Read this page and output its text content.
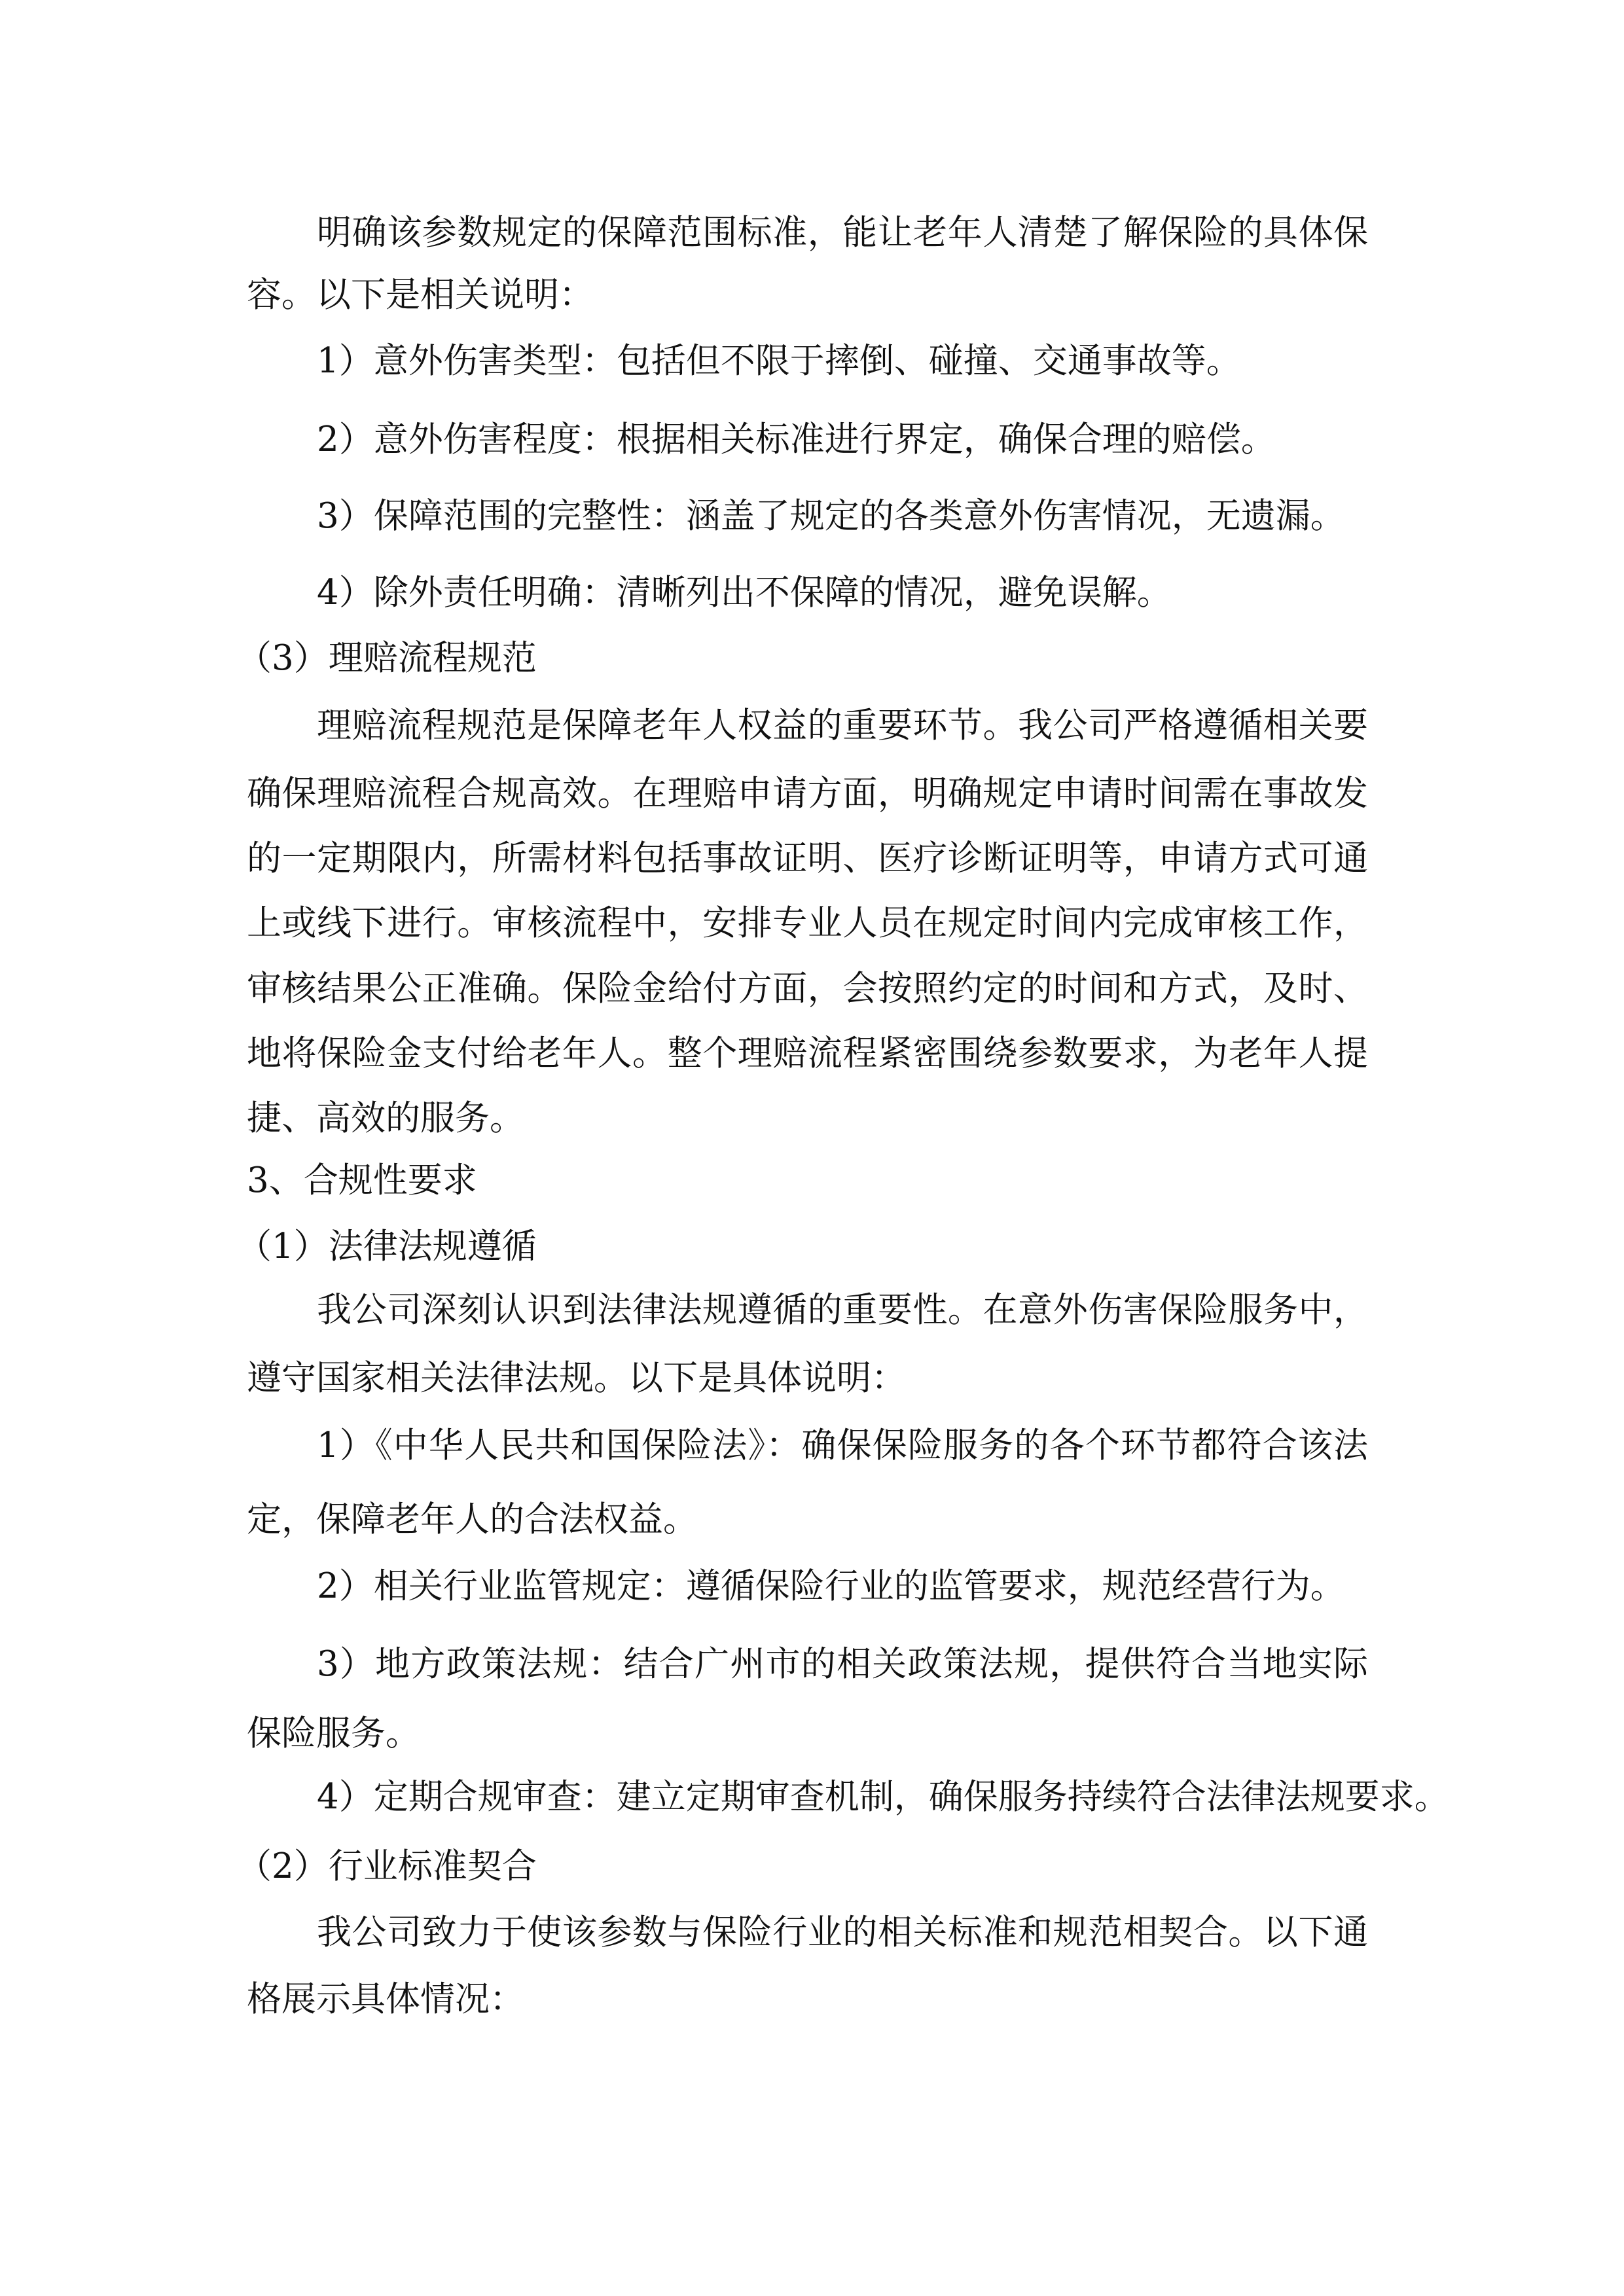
明确该参数规定的保障范围标准，能让老年人清楚了解保险的具体保
容。以下是相关说明：
1）意外伤害类型：包括但不限于摔倒、碰撞、交通事故等。
2）意外伤害程度：根据相关标准进行界定，确保合理的赔偿。
3）保障范围的完整性：涵盖了规定的各类意外伤害情况，无遗漏。
4）除外责任明确：清晰列出不保障的情况，避免误解。
（3）理赔流程规范
理赔流程规范是保障老年人权益的重要环节。我公司严格遵循相关要
确保理赔流程合规高效。在理赔申请方面，明确规定申请时间需在事故发
的一定期限内，所需材料包括事故证明、医疗诊断证明等，申请方式可通
上或线下进行。审核流程中，安排专业人员在规定时间内完成审核工作，
审核结果公正准确。保险金给付方面，会按照约定的时间和方式，及时、
地将保险金支付给老年人。整个理赔流程紧密围绕参数要求，为老年人提
捷、高效的服务。
3、合规性要求
（1）法律法规遵循
我公司深刻认识到法律法规遵循的重要性。在意外伤害保险服务中，
遵守国家相关法律法规。以下是具体说明：
1）《中华人民共和国保险法》：确保保险服务的各个环节都符合该法
定，保障老年人的合法权益。
2）相关行业监管规定：遵循保险行业的监管要求，规范经营行为。
3）地方政策法规：结合广州市的相关政策法规，提供符合当地实际
保险服务。
4）定期合规审查：建立定期审查机制，确保服务持续符合法律法规要求。
（2）行业标准契合
我公司致力于使该参数与保险行业的相关标准和规范相契合。以下通
格展示具体情况：
